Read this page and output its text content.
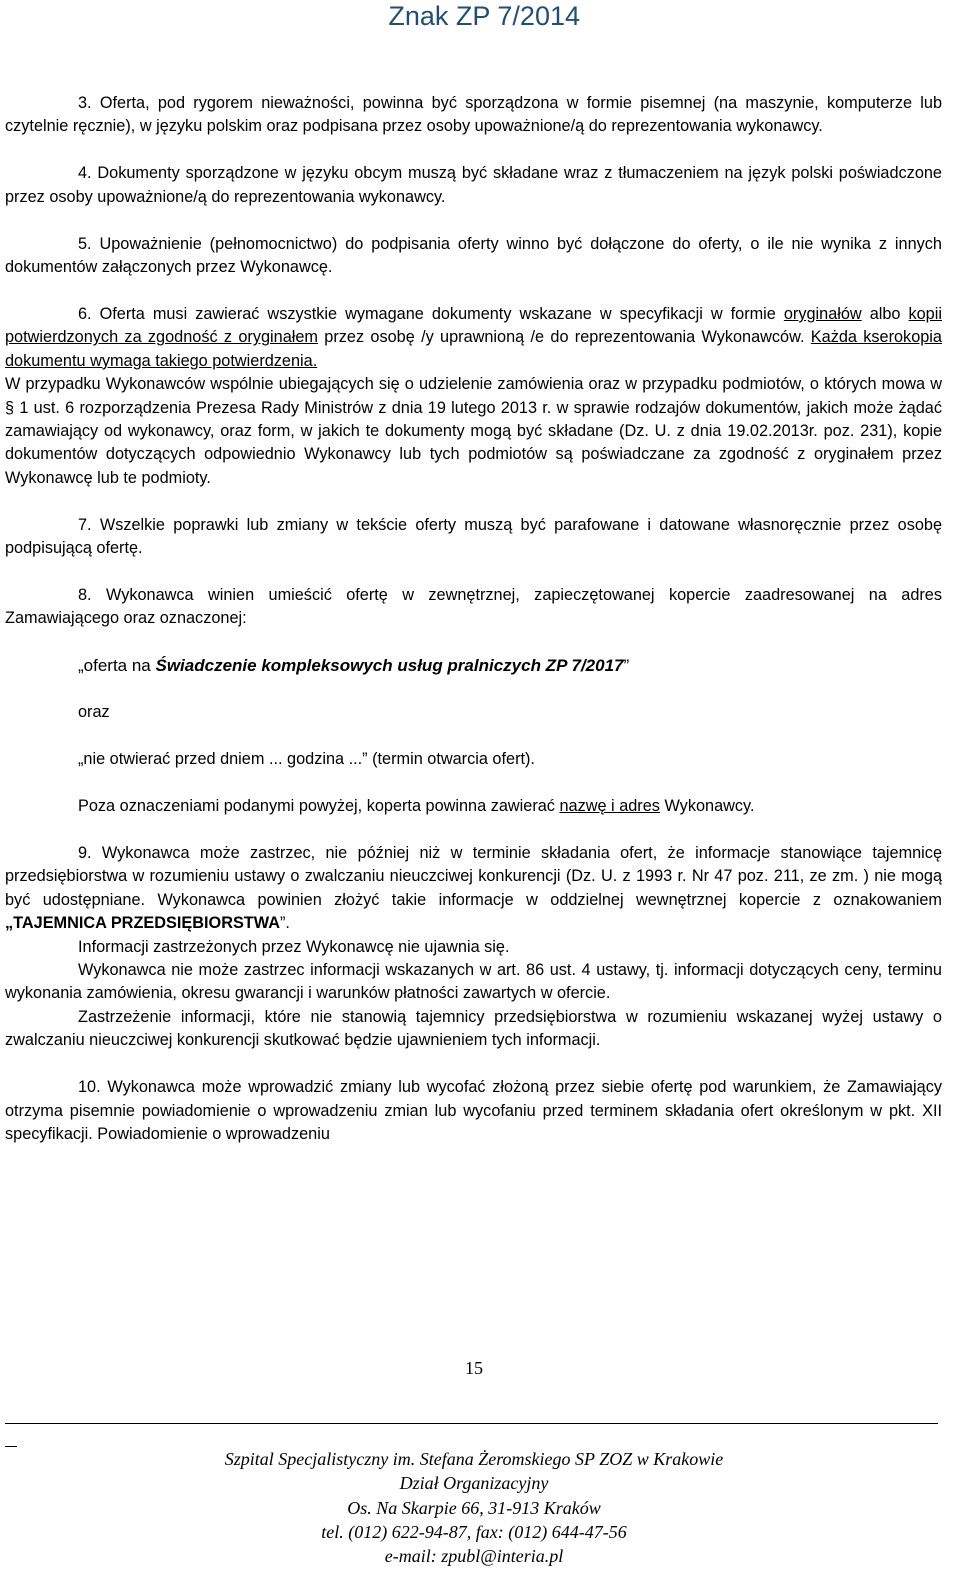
Znak ZP 7/2014

3. Oferta, pod rygorem nieważności, powinna być sporządzona w formie pisemnej (na maszynie, komputerze lub czytelnie ręcznie), w języku polskim oraz podpisana przez osoby upoważnione/ą do reprezentowania wykonawcy.

4. Dokumenty sporządzone w języku obcym muszą być składane wraz z tłumaczeniem na język polski poświadczone przez osoby upoważnione/ą do reprezentowania wykonawcy.

5. Upoważnienie (pełnomocnictwo) do podpisania oferty winno być dołączone do oferty, o ile nie wynika z innych dokumentów załączonych przez Wykonawcę.

6. Oferta musi zawierać wszystkie wymagane dokumenty wskazane w specyfikacji w formie oryginałów albo kopii potwierdzonych za zgodność z oryginałem przez osobę /y uprawnioną /e do reprezentowania Wykonawców. Każda kserokopia dokumentu wymaga takiego potwierdzenia.

W przypadku Wykonawców wspólnie ubiegających się o udzielenie zamówienia oraz w przypadku podmiotów, o których mowa w § 1 ust. 6 rozporządzenia Prezesa Rady Ministrów z dnia 19 lutego 2013 r. w sprawie rodzajów dokumentów, jakich może żądać zamawiający od wykonawcy, oraz form, w jakich te dokumenty mogą być składane (Dz. U. z dnia 19.02.2013r. poz. 231), kopie dokumentów dotyczących odpowiednio Wykonawcy lub tych podmiotów są poświadczane za zgodność z oryginałem przez Wykonawcę lub te podmioty.

7. Wszelkie poprawki lub zmiany w tekście oferty muszą być parafowane i datowane własnoręcznie przez osobę podpisującą ofertę.

8. Wykonawca winien umieścić ofertę w zewnętrznej, zapieczętowanej kopercie zaadresowanej na adres Zamawiającego oraz oznaczonej:

„oferta na Świadczenie kompleksowych usług pralniczych ZP 7/2017”

oraz

„nie otwierać przed dniem ... godzina ...” (termin otwarcia ofert).

Poza oznaczeniami podanymi powyżej, koperta powinna zawierać nazwę i adres Wykonawcy.

9. Wykonawca może zastrzec, nie później niż w terminie składania ofert, że informacje stanowiące tajemnicę przedsiębiorstwa w rozumieniu ustawy o zwalczaniu nieuczciwej konkurencji (Dz. U. z 1993 r. Nr 47 poz. 211, ze zm. ) nie mogą być udostępniane. Wykonawca powinien złożyć takie informacje w oddzielnej wewnętrznej kopercie z oznakowaniem „TAJEMNICA PRZEDSIĘBIORSTWA”.

Informacji zastrzeżonych przez Wykonawcę nie ujawnia się.

Wykonawca nie może zastrzec informacji wskazanych w art. 86 ust. 4 ustawy, tj. informacji dotyczących ceny, terminu wykonania zamówienia, okresu gwarancji i warunków płatności zawartych w ofercie.

Zastrzeżenie informacji, które nie stanowią tajemnicy przedsiębiorstwa w rozumieniu wskazanej wyżej ustawy o zwalczaniu nieuczciwej konkurencji skutkować będzie ujawnieniem tych informacji.

10. Wykonawca może wprowadzić zmiany lub wycofać złożoną przez siebie ofertę pod warunkiem, że Zamawiający otrzyma pisemnie powiadomienie o wprowadzeniu zmian lub wycofaniu przed terminem składania ofert określonym w pkt. XII specyfikacji. Powiadomienie o wprowadzeniu

15
Szpital Specjalistyczny im. Stefana Żeromskiego SP ZOZ w Krakowie
Dział Organizacyjny
Os. Na Skarpie 66, 31-913 Kraków
tel. (012) 622-94-87, fax: (012) 644-47-56
e-mail: zpubl@interia.pl
